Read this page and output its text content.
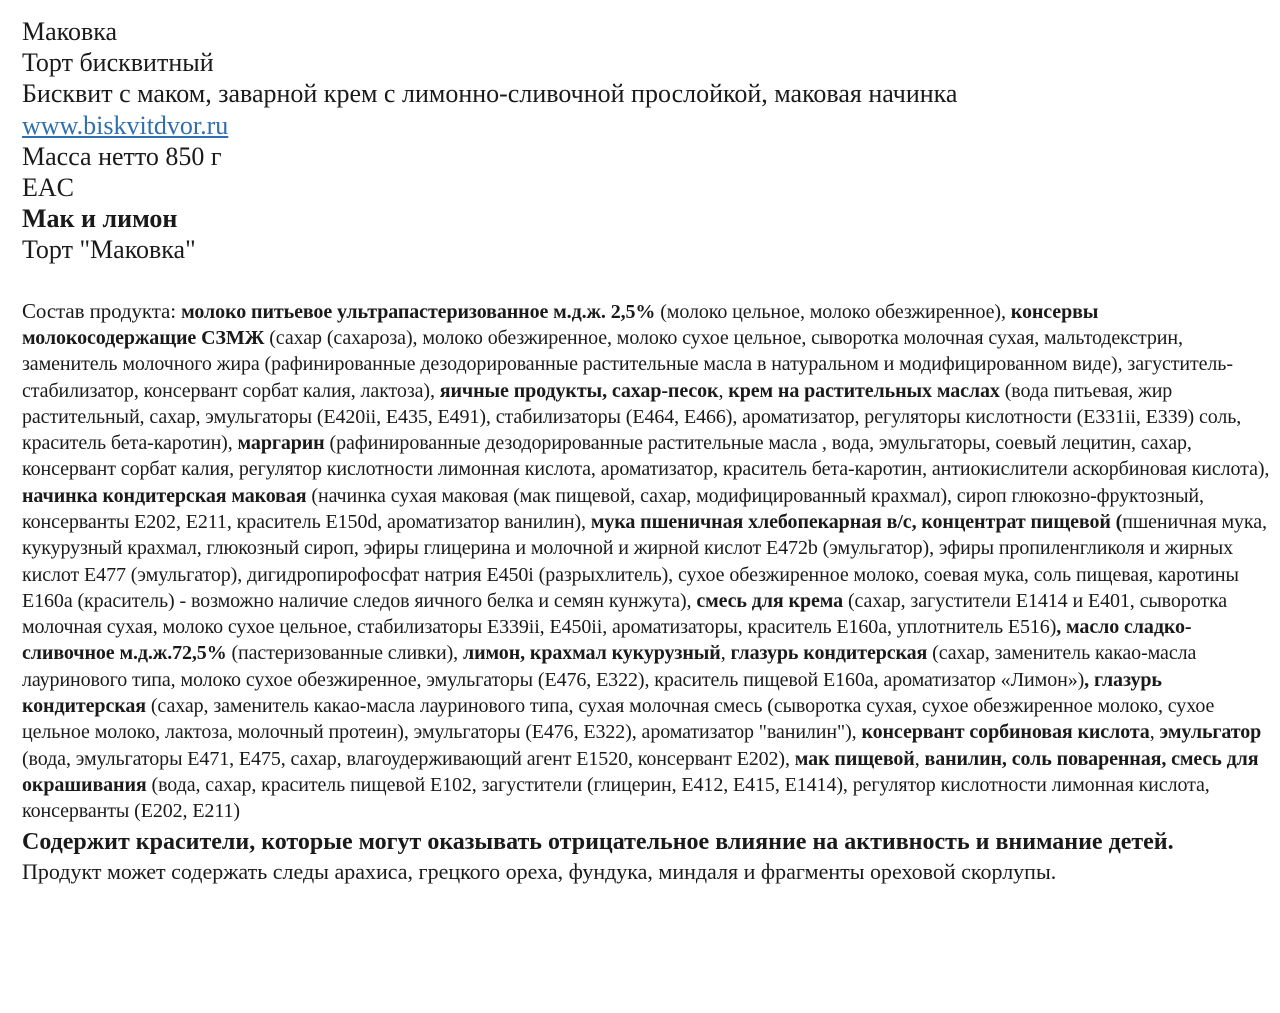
Маковка
Торт бисквитный
Бисквит с маком, заварной крем с лимонно-сливочной прослойкой, маковая начинка
www.biskvitdvor.ru
Масса нетто 850 г
EAC
Мак и лимон
Торт "Маковка"
Состав продукта: молоко питьевое ультрапастеризованное м.д.ж. 2,5% (молоко цельное, молоко обезжиренное), консервы молокосодержащие СЗМЖ (сахар (сахароза), молоко обезжиренное, молоко сухое цельное, сыворотка молочная сухая, мальтодекстрин, заменитель молочного жира (рафинированные дезодорированные растительные масла в натуральном и модифицированном виде), загуститель-стабилизатор, консервант сорбат калия, лактоза), яичные продукты, сахар-песок, крем на растительных маслах (вода питьевая, жир растительный, сахар, эмульгаторы (Е420ii, Е435, Е491), стабилизаторы (Е464, Е466), ароматизатор, регуляторы кислотности (Е331ii, Е339) соль, краситель бета-каротин), маргарин (рафинированные дезодорированные растительные масла , вода, эмульгаторы, соевый лецитин, сахар, консервант сорбат калия, регулятор кислотности лимонная кислота, ароматизатор, краситель бета-каротин, антиокислители аскорбиновая кислота), начинка кондитерская маковая (начинка сухая маковая (мак пищевой, сахар, модифицированный крахмал), сироп глюкозно-фруктозный, консерванты Е202, Е211, краситель Е150d, ароматизатор ванилин), мука пшеничная хлебопекарная в/с, концентрат пищевой (пшеничная мука, кукурузный крахмал, глюкозный сироп, эфиры глицерина и молочной и жирной кислот Е472b (эмульгатор), эфиры пропиленгликоля и жирных кислот Е477 (эмульгатор), дигидропирофосфат натрия Е450i (разрыхлитель), сухое обезжиренное молоко, соевая мука, соль пищевая, каротины Е160а (краситель) - возможно наличие следов яичного белка и семян кунжута), смесь для крема (сахар, загустители Е1414 и Е401, сыворотка молочная сухая, молоко сухое цельное, стабилизаторы Е339ii, Е450ii, ароматизаторы, краситель Е160а, уплотнитель Е516), масло сладко-сливочное м.д.ж.72,5% (пастеризованные сливки), лимон, крахмал кукурузный, глазурь кондитерская (сахар, заменитель какао-масла лауринового типа, молоко сухое обезжиренное, эмульгаторы (Е476, Е322), краситель пищевой Е160а, ароматизатор «Лимон»), глазурь кондитерская (сахар, заменитель какао-масла лауринового типа, сухая молочная смесь (сыворотка сухая, сухое обезжиренное молоко, сухое цельное молоко, лактоза, молочный протеин), эмульгаторы (Е476, Е322), ароматизатор "ванилин"), консервант сорбиновая кислота, эмульгатор (вода, эмульгаторы Е471, Е475, сахар, влагоудерживающий агент Е1520, консервант Е202), мак пищевой, ванилин, соль поваренная, смесь для окрашивания (вода, сахар, краситель пищевой Е102, загустители (глицерин, Е412, Е415, Е1414), регулятор кислотности лимонная кислота, консерванты (Е202, Е211)
Содержит красители, которые могут оказывать отрицательное влияние на активность и внимание детей.
Продукт может содержать следы арахиса, грецкого ореха, фундука, миндаля и фрагменты ореховой скорлупы.
